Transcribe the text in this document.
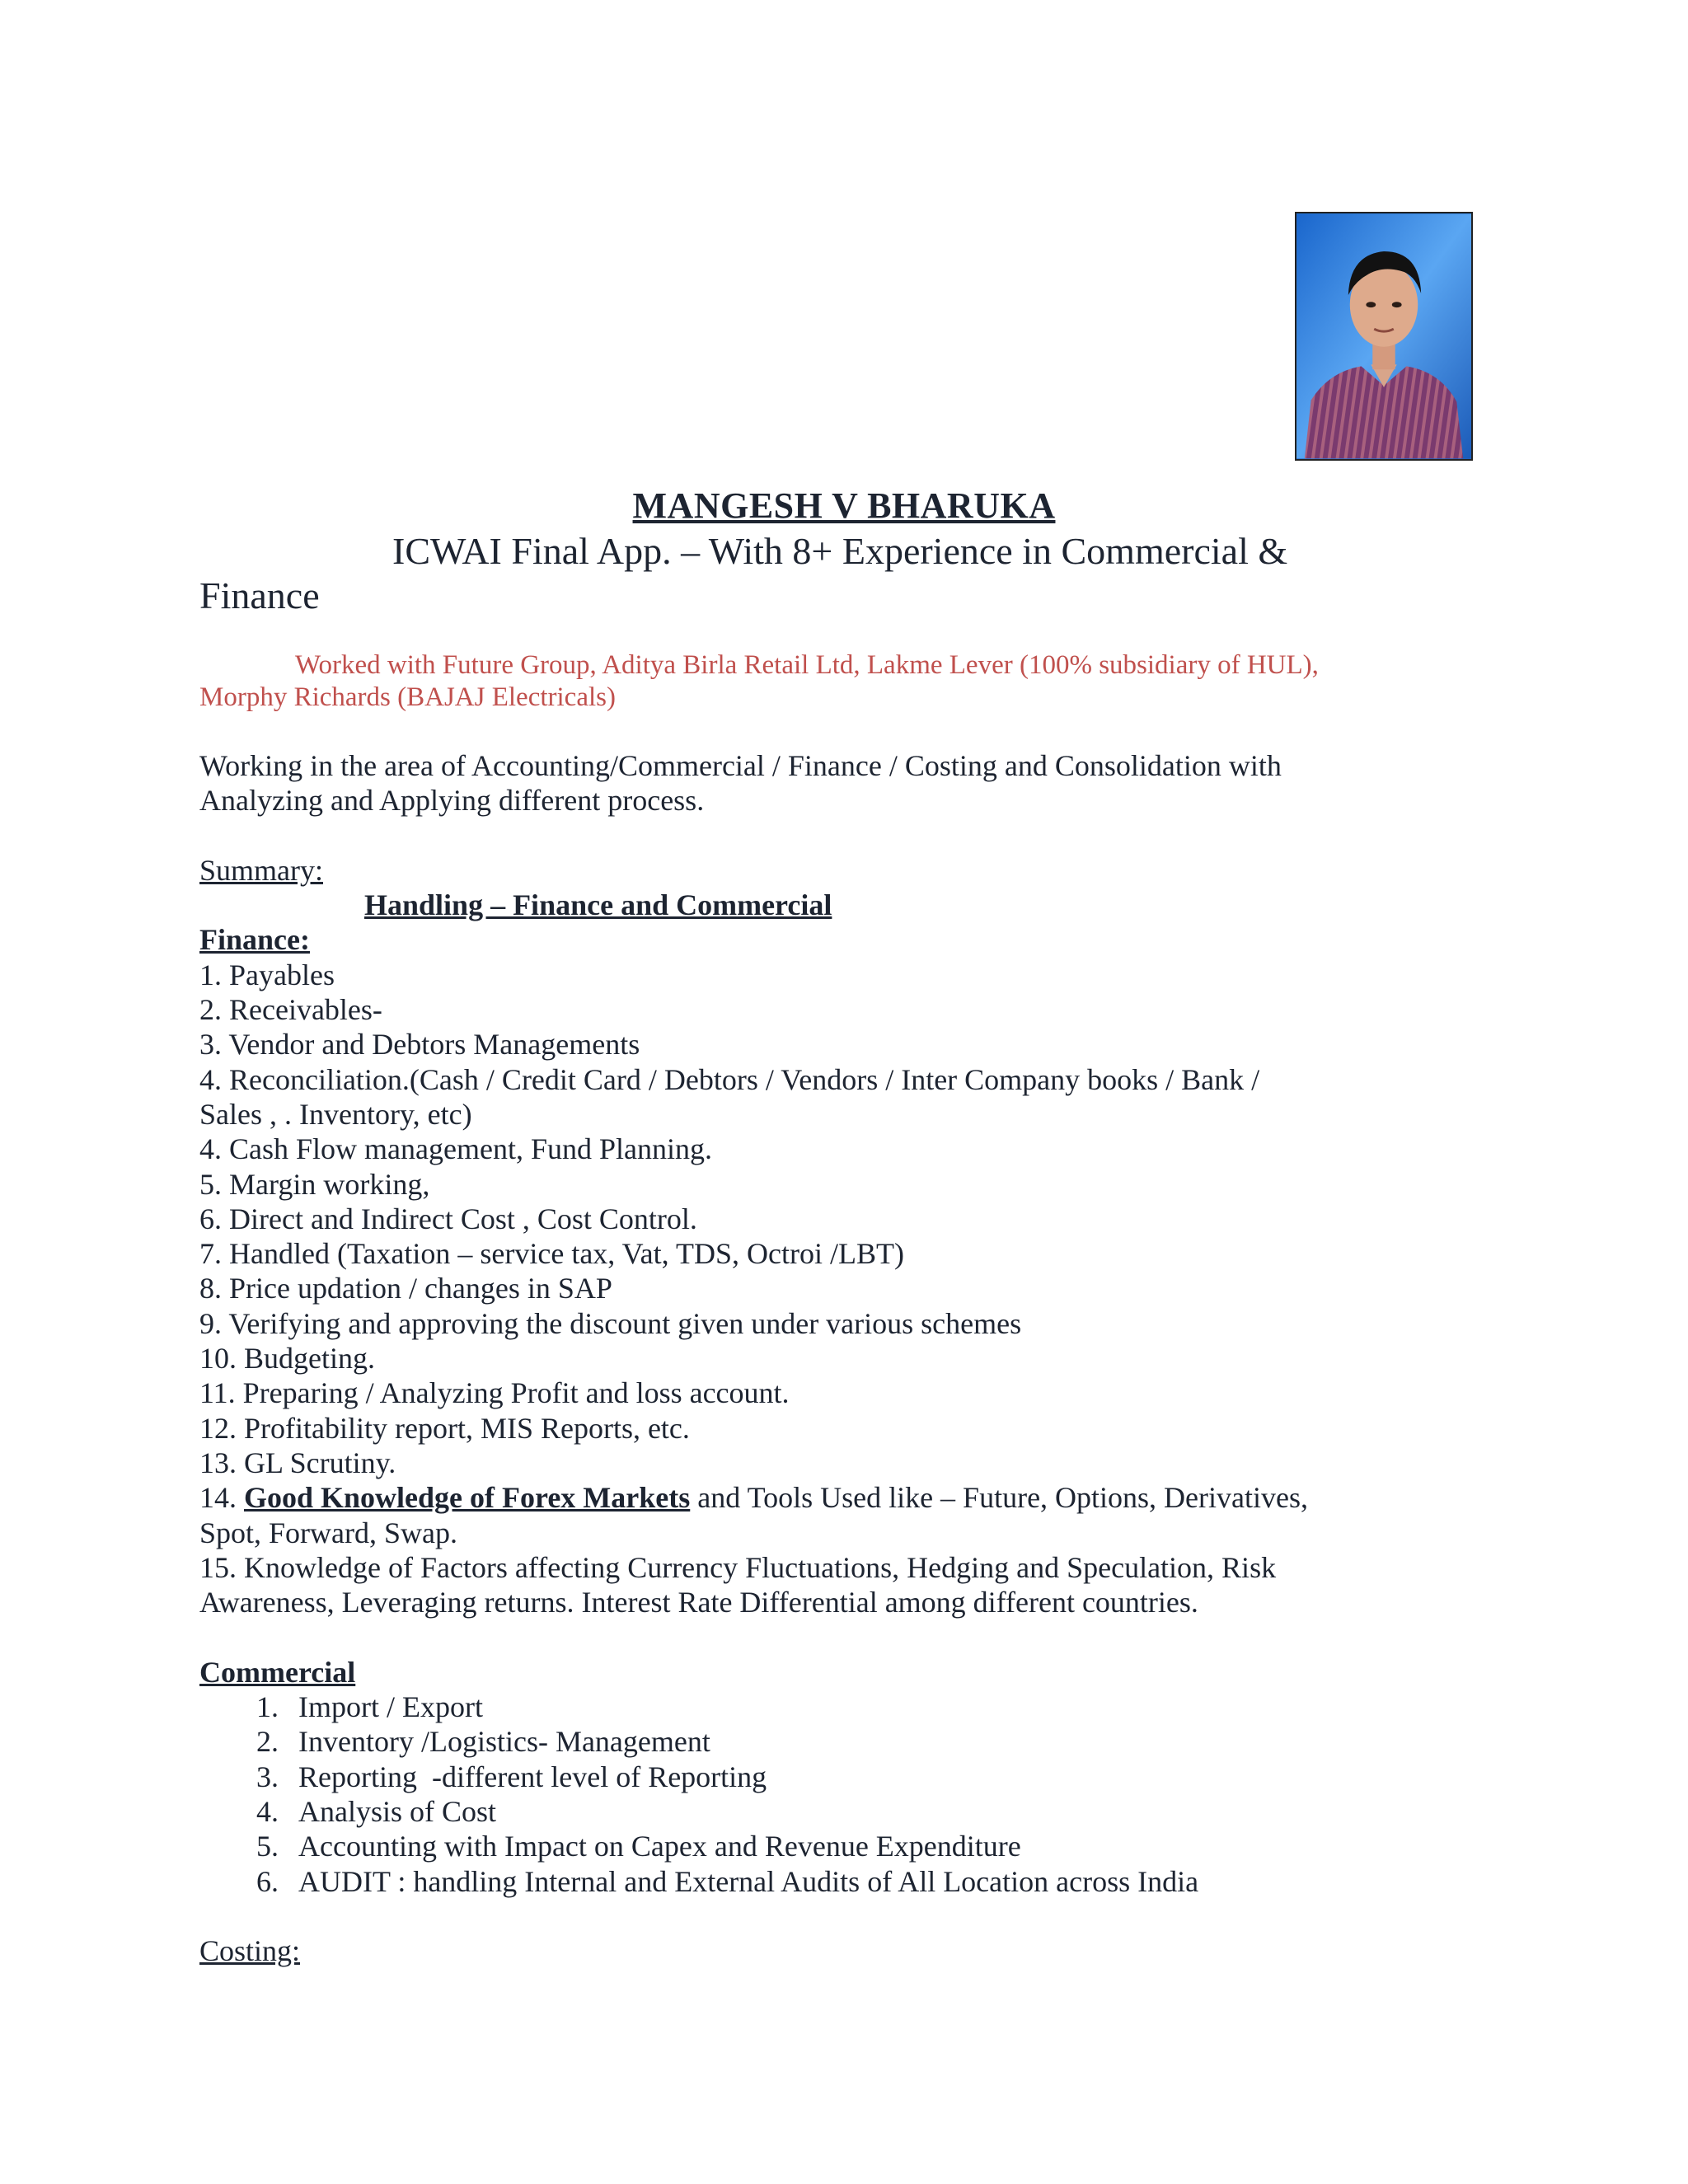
MANGESH V BHARUKA
ICWAI Final App. – With 8+ Experience in Commercial &
Finance
Worked with Future Group, Aditya Birla Retail Ltd, Lakme Lever (100% subsidiary of HUL),
Morphy Richards (BAJAJ Electricals)

Working in the area of Accounting/Commercial / Finance / Costing and Consolidation with

Analyzing and Applying different process.

Summary:

Handling – Finance and Commercial

Finance:

1. Payables

2. Receivables-

3. Vendor and Debtors Managements

4. Reconciliation.(Cash / Credit Card / Debtors / Vendors / Inter Company books / Bank /

Sales , . Inventory, etc)

4. Cash Flow management, Fund Planning.

5. Margin working,

6. Direct and Indirect Cost , Cost Control.

7. Handled (Taxation – service tax, Vat, TDS, Octroi /LBT)

8. Price updation / changes in SAP

9. Verifying and approving the discount given under various schemes

10. Budgeting.

11. Preparing / Analyzing Profit and loss account.

12. Profitability report, MIS Reports, etc.

13. GL Scrutiny.

14. Good Knowledge of Forex Markets and Tools Used like – Future, Options, Derivatives,

Spot, Forward, Swap.

15. Knowledge of Factors affecting Currency Fluctuations, Hedging and Speculation, Risk

Awareness, Leveraging returns. Interest Rate Differential among different countries.

Commercial

1. Import / Export
2. Inventory /Logistics- Management
3. Reporting  -different level of Reporting
4. Analysis of Cost
5. Accounting with Impact on Capex and Revenue Expenditure
6. AUDIT : handling Internal and External Audits of All Location across India

Costing:
